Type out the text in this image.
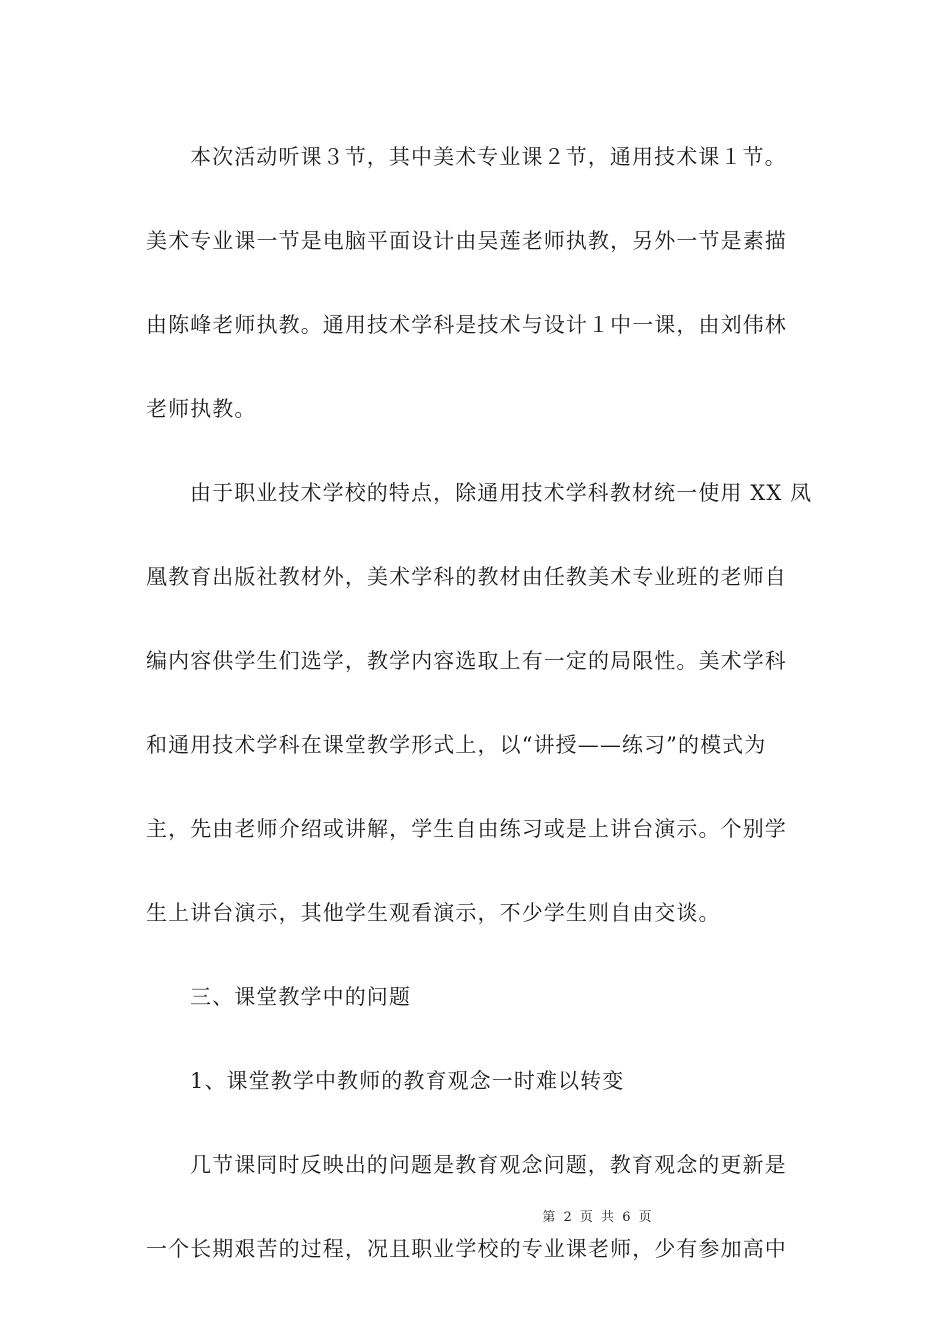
本次活动听课３节，其中美术专业课２节，通用技术课１节。
美术专业课一节是电脑平面设计由吴莲老师执教，另外一节是素描
由陈峰老师执教。通用技术学科是技术与设计１中一课，由刘伟林
老师执教。
由于职业技术学校的特点，除通用技术学科教材统一使用 XX 凤
凰教育出版社教材外，美术学科的教材由任教美术专业班的老师自
编内容供学生们选学，教学内容选取上有一定的局限性。美术学科
和通用技术学科在课堂教学形式上，以“讲授——练习”的模式为
主，先由老师介绍或讲解，学生自由练习或是上讲台演示。个别学
生上讲台演示，其他学生观看演示，不少学生则自由交谈。
三、课堂教学中的问题
1、课堂教学中教师的教育观念一时难以转变
几节课同时反映出的问题是教育观念问题，教育观念的更新是
一个长期艰苦的过程，况且职业学校的专业课老师，少有参加高中
第 2 页 共 6 页
